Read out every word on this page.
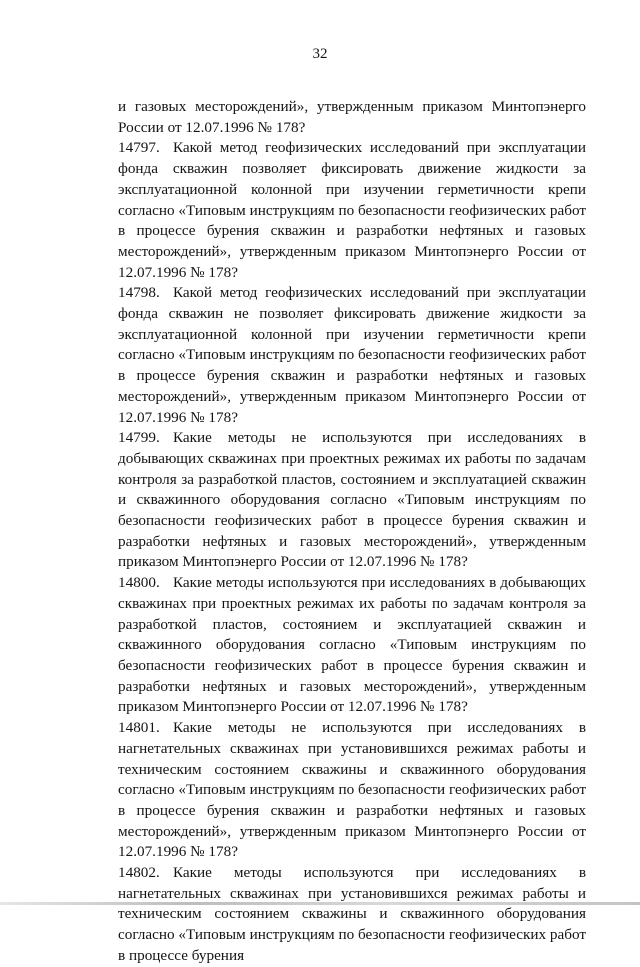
32

и газовых месторождений», утвержденным приказом Минтопэнерго России от 12.07.1996 № 178?

14797. Какой метод геофизических исследований при эксплуатации фонда скважин позволяет фиксировать движение жидкости за эксплуатационной колонной при изучении герметичности крепи согласно «Типовым инструкциям по безопасности геофизических работ в процессе бурения скважин и разработки нефтяных и газовых месторождений», утвержденным приказом Минтопэнерго России от 12.07.1996 № 178?

14798. Какой метод геофизических исследований при эксплуатации фонда скважин не позволяет фиксировать движение жидкости за эксплуатационной колонной при изучении герметичности крепи согласно «Типовым инструкциям по безопасности геофизических работ в процессе бурения скважин и разработки нефтяных и газовых месторождений», утвержденным приказом Минтопэнерго России от 12.07.1996 № 178?

14799. Какие методы не используются при исследованиях в добывающих скважинах при проектных режимах их работы по задачам контроля за разработкой пластов, состоянием и эксплуатацией скважин и скважинного оборудования согласно «Типовым инструкциям по безопасности геофизических работ в процессе бурения скважин и разработки нефтяных и газовых месторождений», утвержденным приказом Минтопэнерго России от 12.07.1996 № 178?

14800. Какие методы используются при исследованиях в добывающих скважинах при проектных режимах их работы по задачам контроля за разработкой пластов, состоянием и эксплуатацией скважин и скважинного оборудования согласно «Типовым инструкциям по безопасности геофизических работ в процессе бурения скважин и разработки нефтяных и газовых месторождений», утвержденным приказом Минтопэнерго России от 12.07.1996 № 178?

14801. Какие методы не используются при исследованиях в нагнетательных скважинах при установившихся режимах работы и техническим состоянием скважины и скважинного оборудования согласно «Типовым инструкциям по безопасности геофизических работ в процессе бурения скважин и разработки нефтяных и газовых месторождений», утвержденным приказом Минтопэнерго России от 12.07.1996 № 178?

14802. Какие методы используются при исследованиях в нагнетательных скважинах при установившихся режимах работы и техническим состоянием скважины и скважинного оборудования согласно «Типовым инструкциям по безопасности геофизических работ в процессе бурения
